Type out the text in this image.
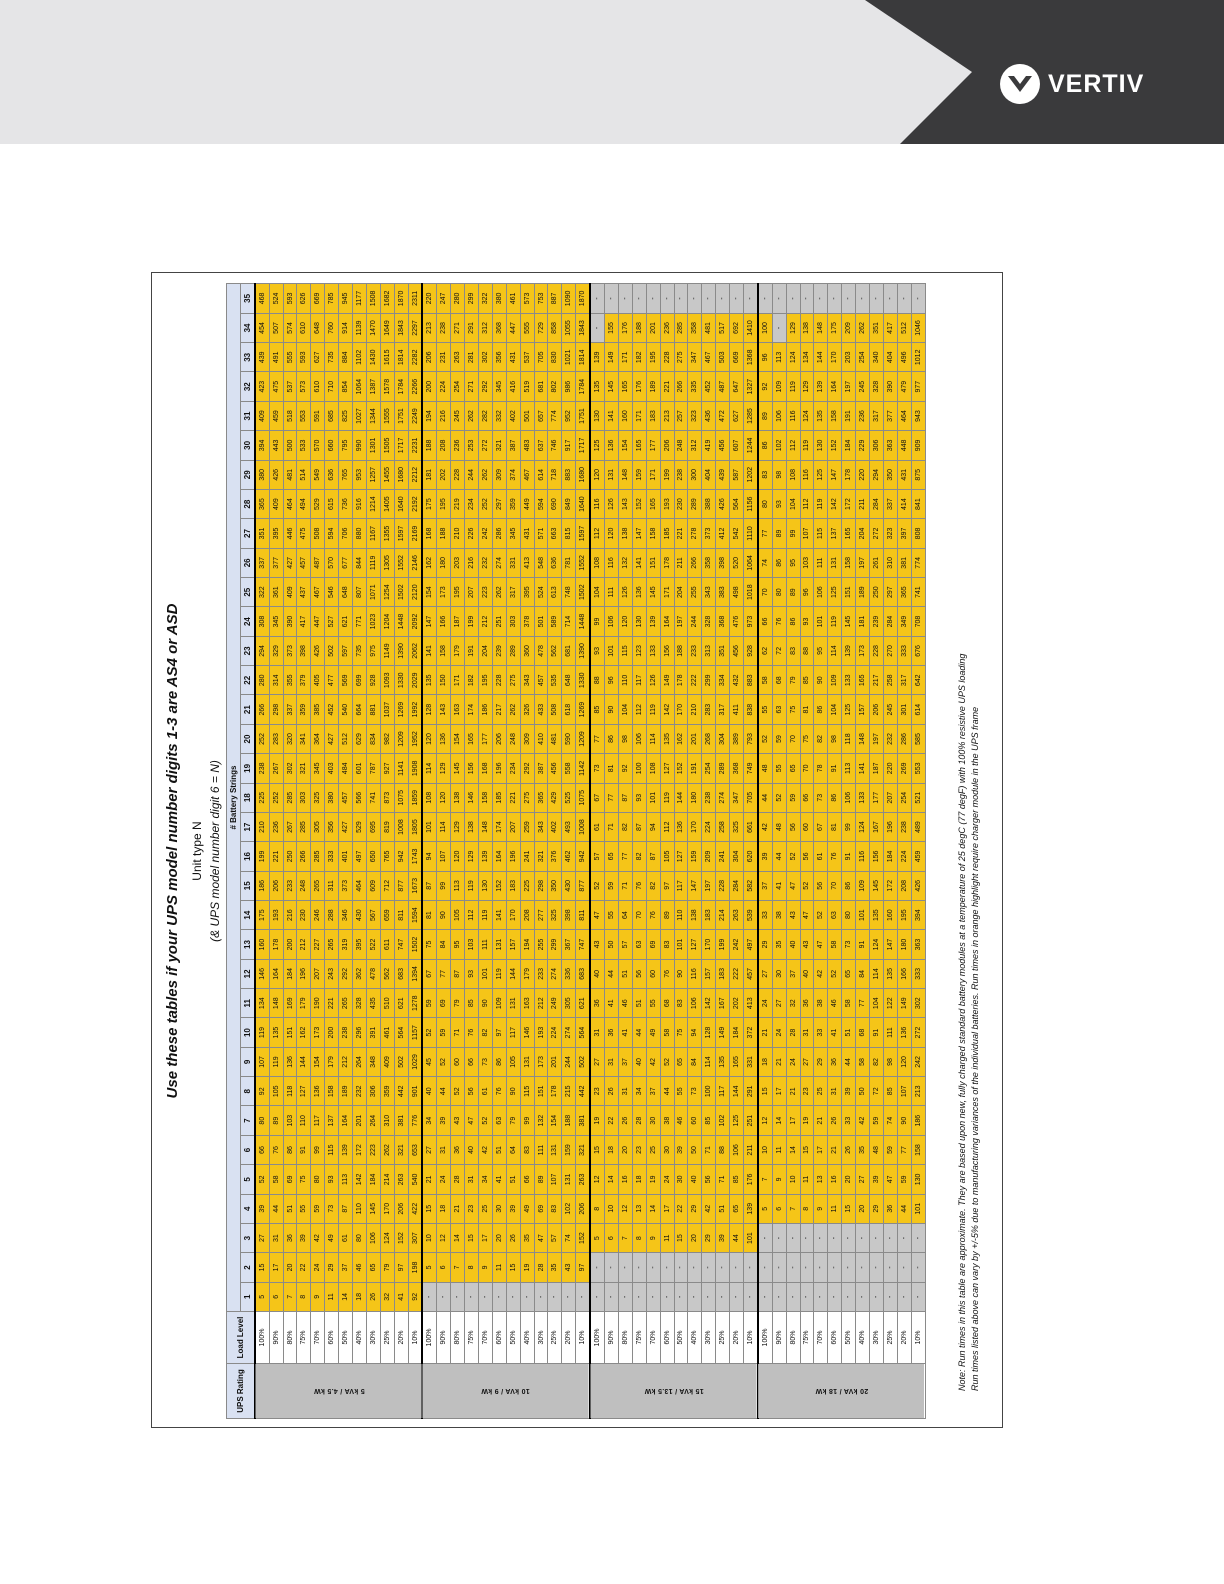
VERTIV
Use these tables if your UPS model number digits 1-3 are AS4 or ASD Unit type N (& UPS model number digit 6 = N)
UPS Rating	Load Level	# Battery Strings																																		
		1	2	3	4	5	6	7	8	9	10	11	12	13	14	15	16	17	18	19	20	21	22	23	24	25	26	27	28	29	30	31	32	33	34	35
5 kVA / 4.5 kW	100%	5	15	27	39	52	66	80	92	107	119	134	146	160	175	186	199	210	225	238	252	266	280	294	308	322	337	351	365	380	394	409	423	439	454	468
	90%	6	17	31	44	58	76	89	105	119	135	148	164	178	193	206	221	236	252	267	283	298	314	329	345	361	377	395	409	426	443	459	475	491	507	524
	80%	7	20	36	51	69	86	103	118	136	151	169	184	200	216	233	250	267	285	302	320	337	355	373	390	409	427	446	464	481	500	518	537	555	574	593
	75%	8	22	39	55	75	91	110	127	144	162	179	196	212	230	248	266	285	303	321	341	359	379	398	417	437	457	475	494	514	533	553	573	593	610	626
	70%	9	24	42	59	80	99	117	136	154	173	190	207	227	246	265	285	305	325	345	364	385	405	426	447	467	487	508	529	549	570	591	610	627	648	669
	60%	11	29	49	73	93	115	137	158	179	200	221	243	265	288	311	333	356	380	403	427	452	477	502	527	546	570	594	615	636	660	685	710	735	760	785
	50%	14	37	61	87	113	139	164	189	212	238	265	292	319	346	373	401	427	457	484	512	540	569	597	621	648	677	706	736	765	795	825	854	884	914	945
	40%	18	46	80	110	142	172	201	232	264	296	328	362	395	430	464	497	529	566	601	629	664	699	735	771	807	844	880	916	953	990	1027	1064	1102	1139	1177
	30%	26	65	106	145	184	223	264	306	348	391	435	478	522	567	609	650	695	741	787	834	881	928	975	1023	1071	1119	1167	1214	1257	1301	1344	1387	1430	1470	1508
	25%	32	79	124	170	214	262	310	359	409	461	510	562	611	659	712	765	819	873	927	982	1037	1093	1149	1204	1254	1305	1355	1405	1455	1505	1555	1578	1615	1649	1682
	20%	41	97	152	206	263	321	381	442	502	564	621	683	747	811	877	942	1008	1075	1141	1209	1269	1330	1390	1448	1502	1552	1597	1640	1680	1717	1751	1784	1814	1843	1870
	10%	92	198	307	422	540	653	776	901	1029	1157	1278	1394	1502	1594	1673	1743	1805	1859	1908	1952	1992	2029	2062	2092	2120	2146	2169	2192	2212	2231	2249	2266	2282	2297	2311
10 kVA / 9 kW	100%	-	5	10	15	21	27	34	40	45	52	59	67	75	81	87	94	101	108	114	120	128	135	141	147	154	162	168	175	181	188	194	200	206	213	220
	90%	-	6	12	18	24	31	39	44	52	59	69	77	84	90	99	107	114	120	129	136	143	150	158	166	173	180	188	195	202	208	216	224	231	238	247
	80%	-	7	14	21	28	36	43	52	60	71	79	87	95	105	113	120	129	138	145	154	163	171	179	187	195	203	210	219	228	236	245	254	263	271	280
	75%	-	8	15	23	31	40	47	56	66	76	85	93	103	112	119	129	138	146	156	165	174	182	191	199	207	216	226	234	244	253	262	271	281	291	299
	70%	-	9	17	25	34	42	52	61	73	82	90	101	111	119	130	139	148	158	168	177	186	195	204	212	223	232	242	252	262	272	282	292	302	312	322
	60%	-	11	20	30	41	51	63	76	86	97	109	119	131	141	152	164	174	185	196	206	217	228	239	251	262	274	286	297	309	321	332	345	356	368	380
	50%	-	15	26	39	51	64	79	90	105	117	131	144	157	170	183	196	207	221	234	248	262	275	289	303	317	331	345	359	374	387	402	416	431	447	461
	40%	-	19	35	49	66	83	99	115	131	146	163	179	194	208	225	241	259	275	292	309	326	343	360	378	395	413	431	449	467	483	501	519	537	555	573
	30%	-	28	47	69	89	111	132	151	173	193	212	233	255	277	298	321	343	365	387	410	433	457	478	501	524	548	571	594	614	637	657	681	705	729	753
	25%	-	35	57	83	107	131	154	178	201	224	249	274	299	325	350	376	402	429	456	481	508	535	562	589	613	636	663	690	718	746	774	802	830	858	887
	20%	-	43	74	102	131	159	188	215	244	274	305	336	367	398	430	462	493	525	558	590	618	648	681	714	748	781	815	849	883	917	952	986	1021	1055	1090
	10%	-	97	152	206	263	321	381	442	502	564	621	683	747	811	877	942	1008	1075	1142	1209	1269	1330	1390	1448	1502	1552	1597	1640	1680	1717	1751	1784	1814	1843	1870
15 kVA / 13.5 kW	100%	-	-	5	8	12	15	19	23	27	31	36	40	43	47	52	57	61	67	73	77	85	88	93	99	104	108	112	116	120	125	130	135	139	-	-
	90%	-	-	6	10	14	18	22	26	31	36	41	44	50	55	59	65	71	77	81	86	90	96	101	106	111	116	120	126	131	136	141	145	149	155	-
	80%	-	-	7	12	16	20	26	31	37	41	46	51	57	64	71	77	82	87	92	98	104	110	115	120	126	132	138	143	148	154	160	165	171	176	-
	75%	-	-	8	13	18	23	28	34	40	44	51	56	63	70	76	82	87	93	100	106	112	117	123	130	136	141	147	152	159	165	171	176	182	188	-
	70%	-	-	9	14	19	25	30	37	42	49	55	60	69	76	82	87	94	101	108	114	119	126	133	139	145	151	158	165	171	177	183	189	195	201	-
	60%	-	-	11	17	24	30	38	44	52	58	68	76	83	89	97	105	112	119	127	135	142	149	156	164	171	178	185	193	199	206	213	221	228	236	-
	50%	-	-	15	22	30	39	46	55	65	75	83	90	101	110	117	127	136	144	152	162	170	178	188	197	204	211	221	230	238	248	257	266	275	285	-
	40%	-	-	20	29	40	50	60	73	84	94	106	116	127	138	147	159	170	180	191	201	210	222	233	244	255	266	278	289	300	312	323	335	347	358	-
	30%	-	-	29	42	56	71	85	100	114	128	142	157	170	183	197	209	224	238	254	268	283	299	313	328	343	358	373	388	404	419	436	452	467	481	-
	25%	-	-	39	51	71	88	102	117	135	149	167	183	199	214	228	241	258	274	289	304	317	334	351	368	383	398	412	426	439	456	472	487	503	517	-
	20%	-	-	44	65	85	106	125	144	165	184	202	222	242	263	284	304	325	347	368	389	411	432	456	476	498	520	542	564	587	607	627	647	669	692	-
	10%	-	-	101	139	176	211	251	291	331	372	413	457	497	539	582	620	661	705	749	793	838	883	928	973	1018	1064	1110	1156	1202	1244	1285	1327	1368	1410	-
20 kVA / 18 kW	100%	-	-	-	5	7	10	12	15	18	21	24	27	29	33	37	39	42	44	48	52	55	58	62	66	70	74	77	80	83	86	89	92	96	100	-
	90%	-	-	-	6	9	11	14	17	21	24	27	30	35	38	41	44	48	52	55	59	63	68	72	76	80	86	89	93	98	102	106	109	113	-	-
	80%	-	-	-	7	10	14	17	21	24	28	32	37	40	43	47	52	56	59	65	70	75	79	83	86	89	95	99	104	108	112	116	119	124	129	-
	75%	-	-	-	8	11	15	19	23	27	31	36	40	43	47	52	56	60	66	70	75	81	85	88	93	96	103	107	112	116	119	124	129	134	138	-
	70%	-	-	-	9	13	17	21	25	29	33	38	42	47	52	56	61	67	73	78	82	86	90	95	101	106	111	115	119	125	130	135	139	144	148	-
	60%	-	-	-	11	16	21	26	31	36	41	46	52	58	63	70	76	81	86	91	98	104	109	114	119	125	131	137	142	147	152	158	164	170	175	-
	50%	-	-	-	15	20	26	33	39	44	51	58	65	73	80	86	91	99	106	113	118	125	133	139	145	151	158	165	172	178	184	191	197	203	209	-
	40%	-	-	-	20	27	35	42	50	58	68	77	84	91	101	109	116	124	133	141	148	157	165	173	181	189	197	204	211	220	229	236	245	254	262	-
	30%	-	-	-	29	39	48	59	72	82	91	104	114	124	135	145	156	167	177	187	197	206	217	228	239	250	261	272	284	294	306	317	328	340	351	-
	25%	-	-	-	36	47	59	74	85	98	111	122	135	147	160	172	184	196	207	220	232	245	258	270	284	297	310	323	337	350	363	377	390	404	417	-
	20%	-	-	-	44	59	77	90	107	120	136	149	166	180	195	208	224	238	254	269	286	301	317	333	349	365	381	397	414	431	448	464	479	496	512	-
	10%	-	-	-	101	130	158	186	213	242	272	302	333	363	394	426	459	489	521	553	585	614	642	676	708	741	774	808	841	875	909	943	977	1012	1046	-
Note: Run times in this table are approximate. They are based upon new, fully charged standard battery modules at a temperature of 25 degC (77 degF) with 100% resistive UPS loading Run times listed above can vary by +/-5% due to manufacturing variances of the individual batteries. Run times in orange highlight require charger module in the UPS frame
